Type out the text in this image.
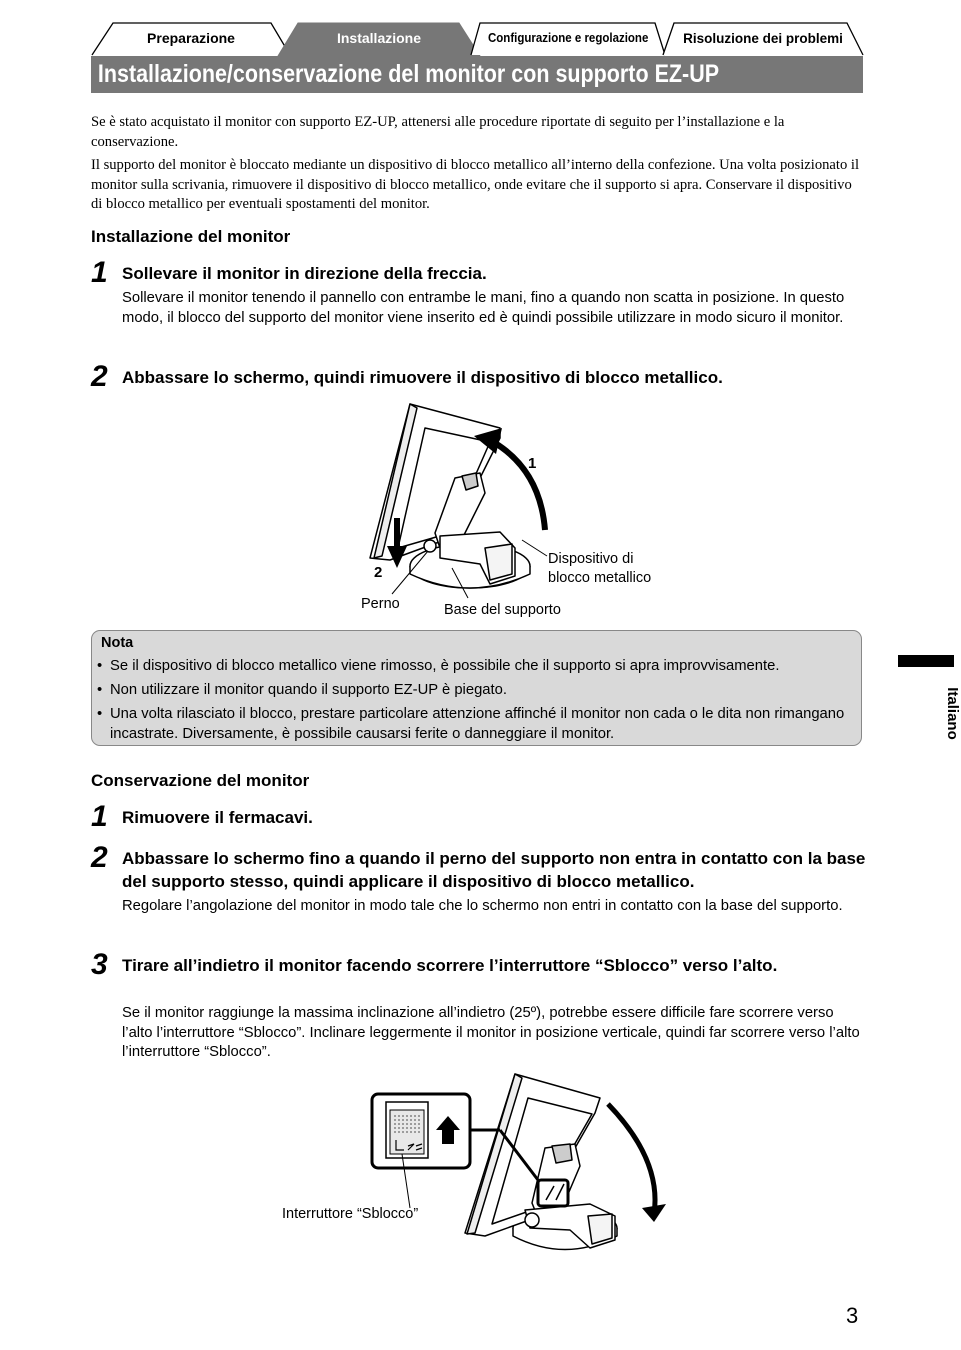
Preparazione	Installazione	Configurazione e regolazione	Risoluzione dei problemi
Installazione/conservazione del monitor con supporto EZ-UP
Se è stato acquistato il monitor con supporto EZ-UP, attenersi alle procedure riportate di seguito per l’installazione e la conservazione.
Il supporto del monitor è bloccato mediante un dispositivo di blocco metallico all’interno della confezione. Una volta posizionato il monitor sulla scrivania, rimuovere il dispositivo di blocco metallico, onde evitare che il supporto si apra. Conservare il dispositivo di blocco metallico per eventuali spostamenti del monitor.
Installazione del monitor
1 Sollevare il monitor in direzione della freccia.
Sollevare il monitor tenendo il pannello con entrambe le mani, fino a quando non scatta in posizione. In questo modo, il blocco del supporto del monitor viene inserito ed è quindi possibile utilizzare in modo sicuro il monitor.
2 Abbassare lo schermo, quindi rimuovere il dispositivo di blocco metallico.
1
2
Dispositivo di
blocco metallico
Perno	Base del supporto
Nota
• Se il dispositivo di blocco metallico viene rimosso, è possibile che il supporto si apra improvvisamente.
• Non utilizzare il monitor quando il supporto EZ-UP è piegato.
• Una volta rilasciato il blocco, prestare particolare attenzione affinché il monitor non cada o le dita non rimangano incastrate. Diversamente, è possibile causarsi ferite o danneggiare il monitor.
Conservazione del monitor
1 Rimuovere il fermacavi.
2 Abbassare lo schermo fino a quando il perno del supporto non entra in contatto con la base del supporto stesso, quindi applicare il dispositivo di blocco metallico.
Regolare l’angolazione del monitor in modo tale che lo schermo non entri in contatto con la base del supporto.
3 Tirare all’indietro il monitor facendo scorrere l’interruttore “Sblocco” verso l’alto.
Se il monitor raggiunge la massima inclinazione all’indietro (25º), potrebbe essere difficile fare scorrere verso l’alto l’interruttore “Sblocco”. Inclinare leggermente il monitor in posizione verticale, quindi far scorrere verso l’alto l’interruttore “Sblocco”.
Interruttore “Sblocco”
Italiano
3
